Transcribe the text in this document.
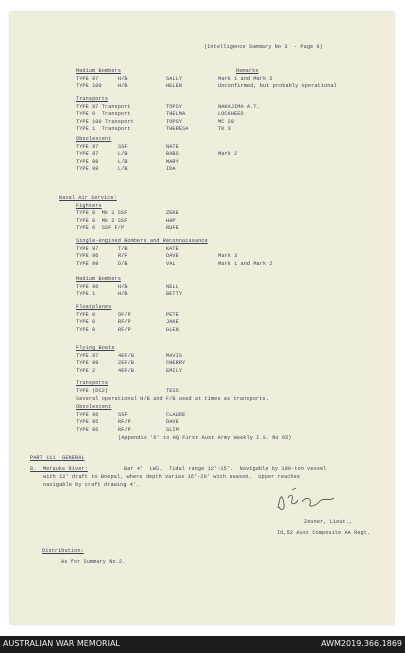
(Intelligence Summary No 3  - Page 6)
Medium Bombers	Remarks
TYPE 97	H/B	SALLY	Mark 1 and Mark 2
TYPE 100	H/B	HELEN	Unconfirmed, but probably operational
Transports
TYPE 97 Transport	TOPSY	NAKAJIMA A.T.
TYPE 0  Transport	THELMA	LOCKHEED
TYPE 100 Transport	TOPSY	MC 20
TYPE 1  Transport	THERESA	TK 3
Obsolescent
TYPE 97	SSF	NATE
TYPE 97	L/B	BABS	Mark 2
TYPE 98	L/B	MARY
TYPE 99	L/B	IDA
Naval Air Service:
Fighters
TYPE 0  Mk 1 SSF	ZEKE
TYPE 0  Mk 2 SSF	HAP
TYPE 0  SSF F/P	RUFE
Single-engined Bombers and Reconnaissance
TYPE 97	T/B	KATE
TYPE 96	R/F	DAVE	Mark 3
TYPE 99	D/B	VAL	Mark 1 and Mark 2
Medium Bombers
TYPE 96	H/B	NELL
TYPE 1	H/B	BETTY
Floatplanes
TYPE 0	OF/P	PETE
TYPE 0	RF/P	JAKE
TYPE 0	RF/P	GLEN
Flying Boats
TYPE 97	4EF/B	MAVIS
TYPE 99	2EF/B	CHERRY
TYPE 2	4EF/B	EMILY
Transports
TYPE (DC2)	TESS
Several operational H/B and F/B used at times as transports.
Obsolescent
TYPE 96	SSF	CLAUDE
TYPE 95	RF/P	DAVE
TYPE 96	RF/P	SLIM
(Appendix 'D' to HQ First Aust Army Weekly I.S. No 65)
PART 111  GENERAL
8.  Merauke River:	Bar 4'  LWS.  Tidal range 12'-15'.  Navigable by 100-ton vessel
with 12' draft to Boepal, where depth varies 16'-20' with season.  Upper reaches
navigable by craft drawing 4'.
Zeuner, Lieut.,
IO,52 Aust Composite AA Regt.
Distribution:
As for Summary No.2.
AUSTRALIAN WAR MEMORIAL	AWM2019.366.1869
